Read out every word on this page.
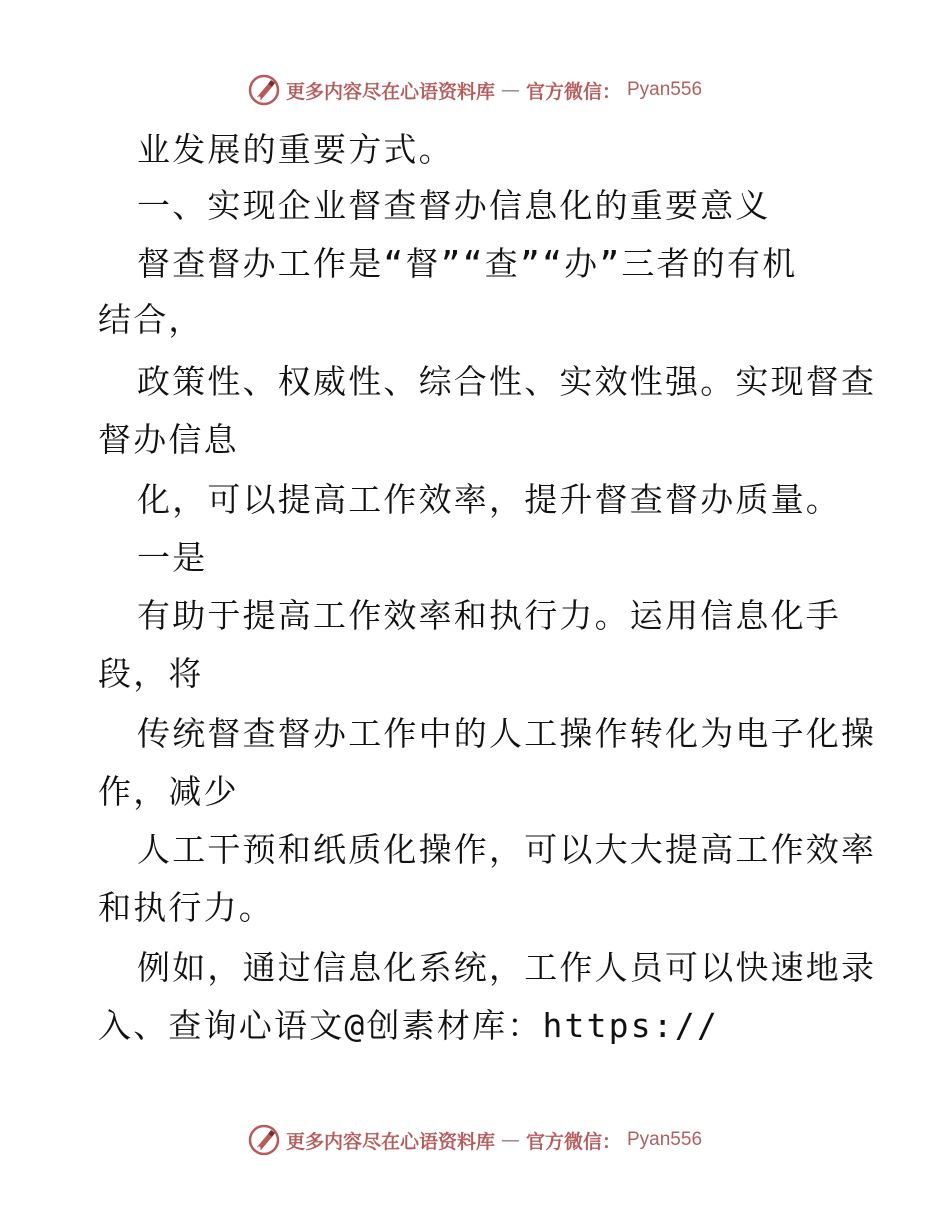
更多内容尽在心语资料库 — 官方微信： Pyan556
业发展的重要方式。
一、实现企业督查督办信息化的重要意义
督查督办工作是“督”“查”“办”三者的有机
结合，
政策性、权威性、综合性、实效性强。实现督查
督办信息
化，可以提高工作效率，提升督查督办质量。
一是
有助于提高工作效率和执行力。运用信息化手
段，将
传统督查督办工作中的人工操作转化为电子化操
作，减少
人工干预和纸质化操作，可以大大提高工作效率
和执行力。
例如，通过信息化系统，工作人员可以快速地录
入、查询心语文@创素材库：https://
更多内容尽在心语资料库 — 官方微信： Pyan556
